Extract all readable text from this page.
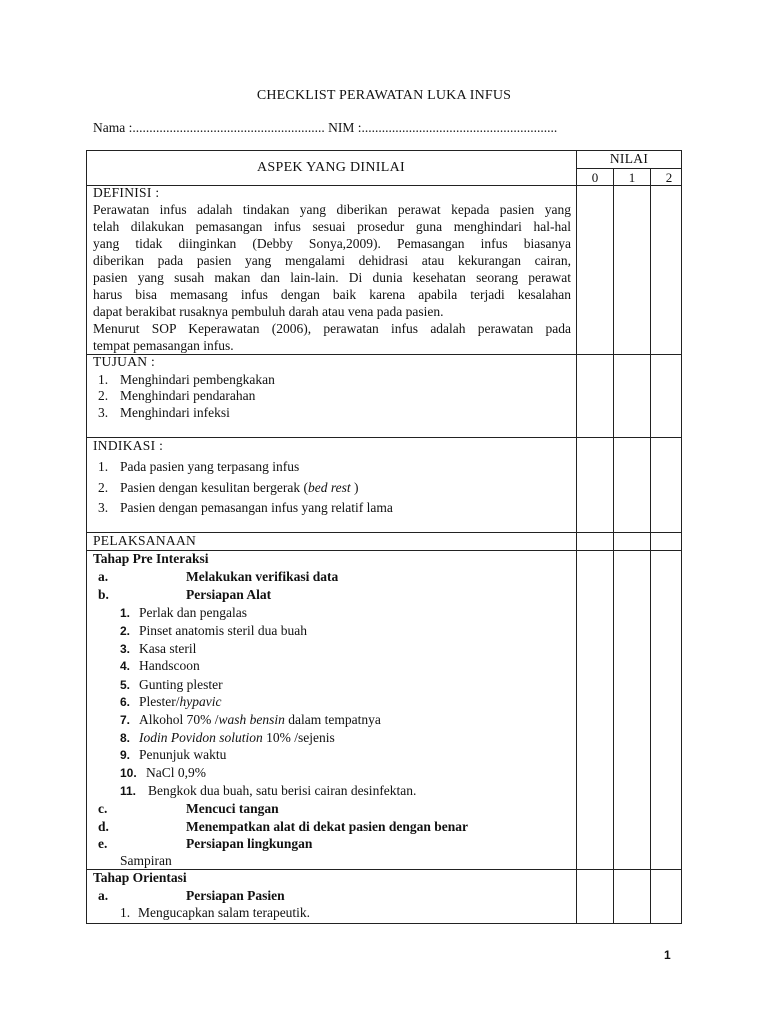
CHECKLIST PERAWATAN LUKA INFUS
Nama :......................................................... NIM :..........................................................
ASPEK YANG DINILAI
NILAI
0	1	2
DEFINISI :
Perawatan infus adalah tindakan yang diberikan perawat kepada pasien yang
telah dilakukan pemasangan infus sesuai prosedur guna menghindari hal-hal
yang tidak diinginkan (Debby Sonya,2009). Pemasangan infus biasanya
diberikan pada pasien yang mengalami dehidrasi atau kekurangan cairan,
pasien yang susah makan dan lain-lain. Di dunia kesehatan seorang perawat
harus bisa memasang infus dengan baik karena apabila terjadi kesalahan
dapat berakibat rusaknya pembuluh darah atau vena pada pasien.
Menurut SOP Keperawatan (2006), perawatan infus adalah perawatan pada
tempat pemasangan infus.
TUJUAN :
1. Menghindari pembengkakan
2. Menghindari pendarahan
3. Menghindari infeksi
INDIKASI :
1. Pada pasien yang terpasang infus
2. Pasien dengan kesulitan bergerak (bed rest )
3. Pasien dengan pemasangan infus yang relatif lama
PELAKSANAAN
Tahap Pre Interaksi
a.	Melakukan verifikasi data
b.	Persiapan Alat
1. Perlak dan pengalas
2. Pinset anatomis steril dua buah
3. Kasa steril
4. Handscoon
5. Gunting plester
6. Plester/hypavic
7. Alkohol 70% /wash bensin dalam tempatnya
8. Iodin Povidon solution 10% /sejenis
9. Penunjuk waktu
10. NaCl 0,9%
11. Bengkok dua buah, satu berisi cairan desinfektan.
c.	Mencuci tangan
d.	Menempatkan alat di dekat pasien dengan benar
e.	Persiapan lingkungan
Sampiran
Tahap Orientasi
a.	Persiapan Pasien
1. Mengucapkan salam terapeutik.
1
